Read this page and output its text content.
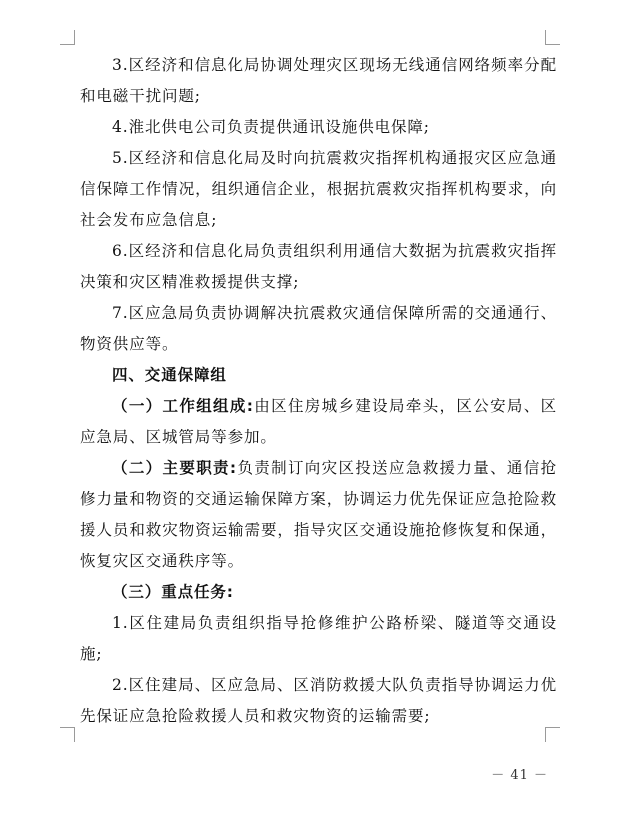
3.区经济和信息化局协调处理灾区现场无线通信网络频率分配和电磁干扰问题;

4.淮北供电公司负责提供通讯设施供电保障;

5.区经济和信息化局及时向抗震救灾指挥机构通报灾区应急通信保障工作情况，组织通信企业，根据抗震救灾指挥机构要求，向社会发布应急信息;

6.区经济和信息化局负责组织利用通信大数据为抗震救灾指挥决策和灾区精准救援提供支撑;

7.区应急局负责协调解决抗震救灾通信保障所需的交通通行、物资供应等。

四、交通保障组

（一）工作组组成:由区住房城乡建设局牵头，区公安局、区应急局、区城管局等参加。

（二）主要职责:负责制订向灾区投送应急救援力量、通信抢修力量和物资的交通运输保障方案，协调运力优先保证应急抢险救援人员和救灾物资运输需要，指导灾区交通设施抢修恢复和保通，恢复灾区交通秩序等。

（三）重点任务:

1.区住建局负责组织指导抢修维护公路桥梁、隧道等交通设施;

2.区住建局、区应急局、区消防救援大队负责指导协调运力优先保证应急抢险救援人员和救灾物资的运输需要;

－ 41 －
